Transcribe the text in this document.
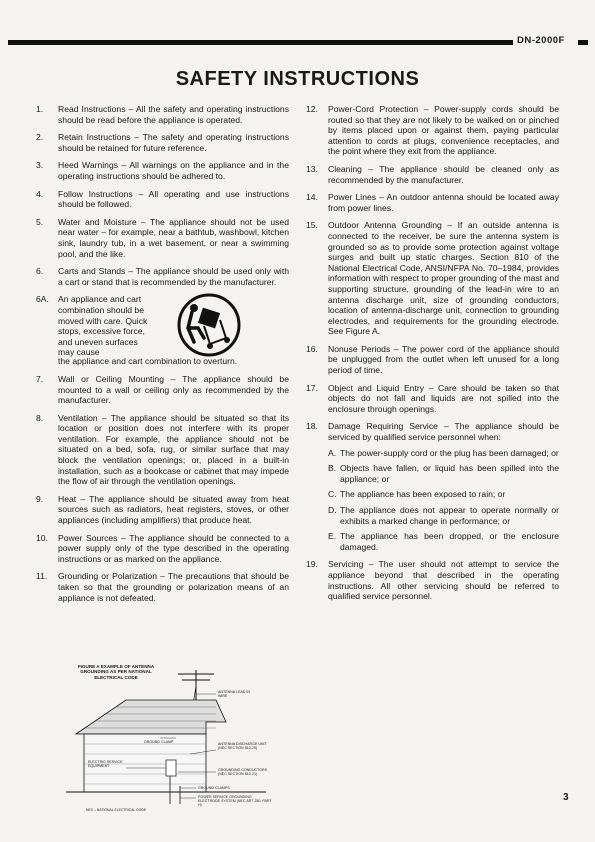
DN-2000F
SAFETY INSTRUCTIONS
1. Read Instructions – All the safety and operating instructions should be read before the appliance is operated.
2. Retain Instructions – The safety and operating instructions should be retained for future reference.
3. Heed Warnings – All warnings on the appliance and in the operating instructions should be adhered to.
4. Follow Instructions – All operating and use instructions should be followed.
5. Water and Moisture – The appliance should not be used near water – for example, near a bathtub, washbowl, kitchen sink, laundry tub, in a wet basement, or near a swimming pool, and the like.
6. Carts and Stands – The appliance should be used only with a cart or stand that is recommended by the manufacturer.
6A. An appliance and cart combination should be moved with care. Quick stops, excessive force, and uneven surfaces may cause
the appliance and cart combination to overturn.
7. Wall or Ceiling Mounting – The appliance should be mounted to a wall or ceiling only as recommended by the manufacturer.
8. Ventilation – The appliance should be situated so that its location or position does not interfere with its proper ventilation. For example, the appliance should not be situated on a bed, sofa, rug, or similar surface that may block the ventilation openings; or, placed in a built-in installation, such as a bookcase or cabinet that may impede the flow of air through the ventilation openings.
9. Heat – The appliance should be situated away from heat sources such as radiators, heat registers, stoves, or other appliances (including amplifiers) that produce heat.
10. Power Sources – The appliance should be connected to a power supply only of the type described in the operating instructions or as marked on the appliance.
11. Grounding or Polarization – The precautions that should be taken so that the grounding or polarization means of an appliance is not defeated.
12. Power-Cord Protection – Power-supply cords should be routed so that they are not likely to be walked on or pinched by items placed upon or against them, paying particular attention to cords at plugs, convenience receptacles, and the point where they exit from the appliance.
13. Cleaning – The appliance should be cleaned only as recommended by the manufacturer.
14. Power Lines – An outdoor antenna should be located away from power lines.
15. Outdoor Antenna Grounding – If an outside antenna is connected to the receiver, be sure the antenna system is grounded so as to provide some protection against voltage surges and built up static charges. Section 810 of the National Electrical Code, ANSI/NFPA No. 70–1984, provides information with respect to proper grounding of the mast and supporting structure, grounding of the lead-in wire to an antenna discharge unit, size of grounding conductors, location of antenna-discharge unit, connection to grounding electrodes, and requirements for the grounding electrode. See Figure A.
16. Nonuse Periods – The power cord of the appliance should be unplugged from the outlet when left unused for a long period of time.
17. Object and Liquid Entry – Care should be taken so that objects do not fall and liquids are not spilled into the enclosure through openings.
18. Damage Requiring Service – The appliance should be serviced by qualified service personnel when:
A. The power-supply cord or the plug has been damaged; or
B. Objects have fallen, or liquid has been spilled into the appliance; or
C. The appliance has been exposed to rain; or
D. The appliance does not appear to operate normally or exhibits a marked change in performance; or
E. The appliance has been dropped, or the enclosure damaged.
19. Servicing – The user should not attempt to service the appliance beyond that described in the operating instructions. All other servicing should be referred to qualified service personnel.
FIGURE A EXAMPLE OF ANTENNA GROUNDING AS PER NATIONAL ELECTRICAL CODE
ANTENNA LEAD IN WIRE
GROUND CLAMP	ANTENNA DISCHARGE UNIT (NEC SECTION 810-20)
ELECTRIC SERVICE EQUIPMENT
GROUNDING CONDUCTORS (NEC SECTION 810-21)
GROUND CLAMPS
POWER SERVICE GROUNDING ELECTRODE SYSTEM (NEC ART 250, PART H)
NEC – NATIONAL ELECTRICAL CODE
3
